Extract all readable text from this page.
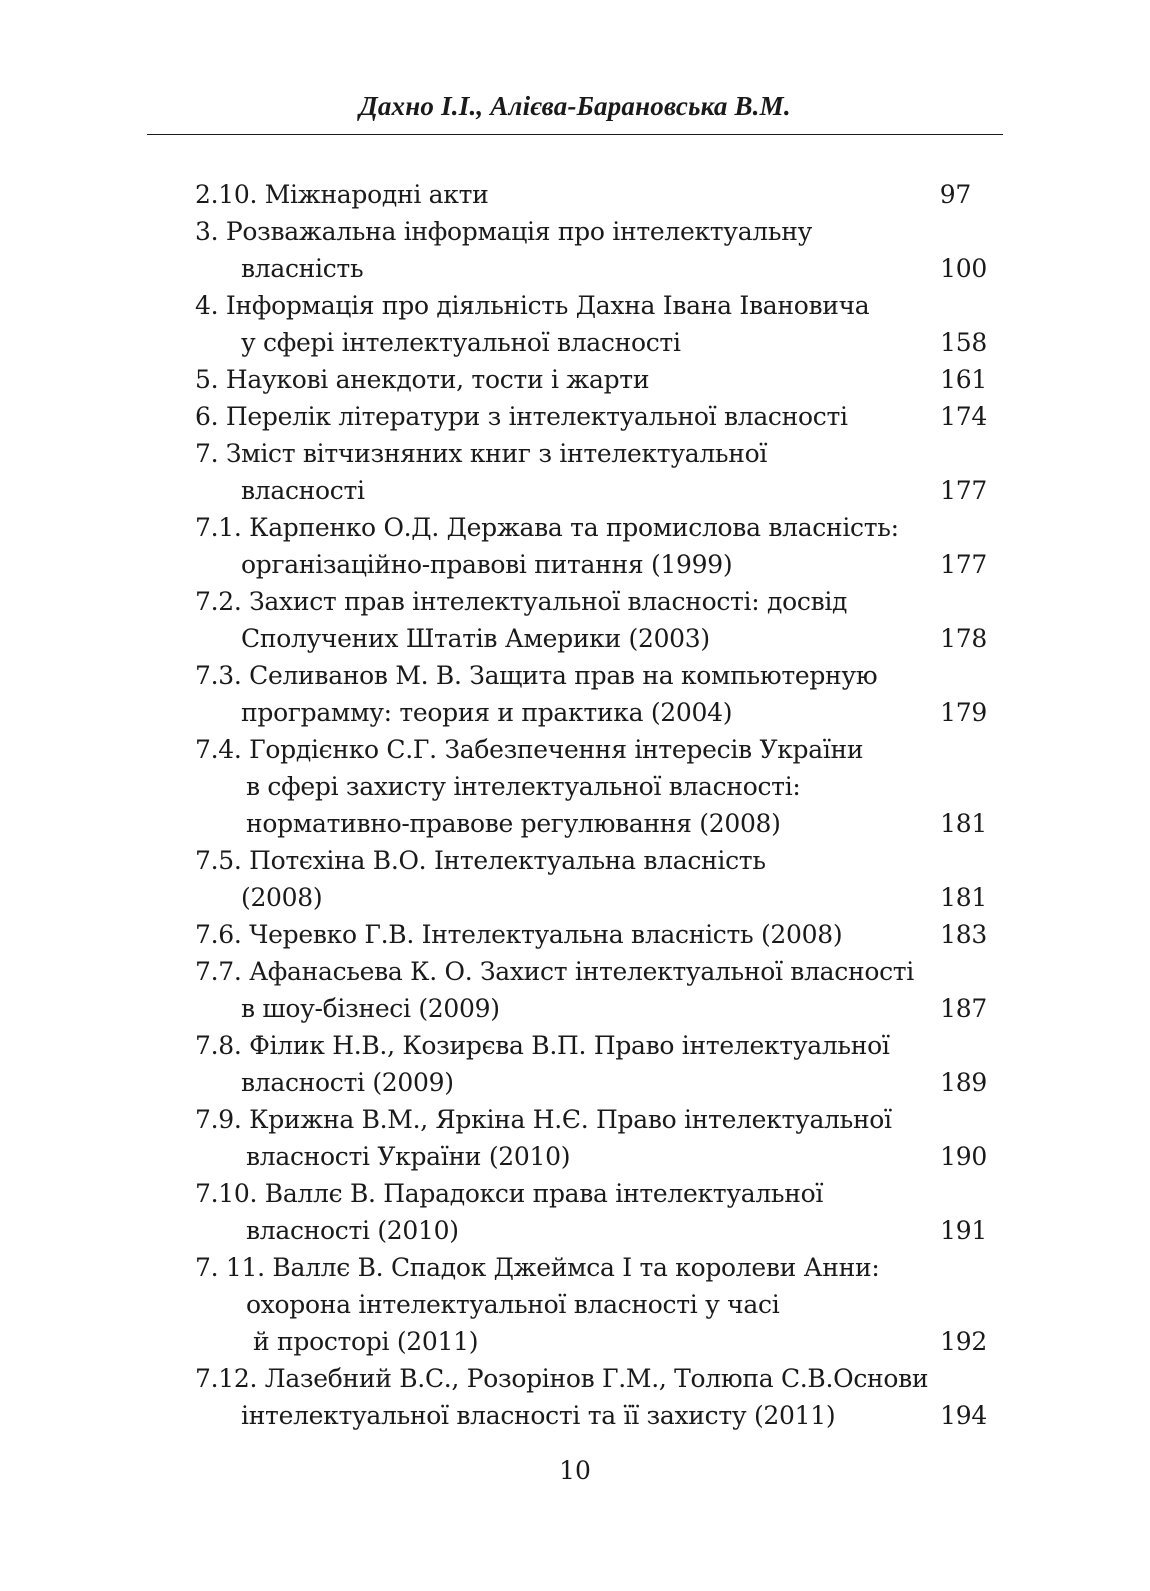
Дахно І.І., Алієва-Барановська В.М.
2.10. Міжнародні акти	97
3. Розважальна інформація про інтелектуальну
власність	100
4. Інформація про діяльність Дахна Івана Івановича
у сфері інтелектуальної власності	158
5. Наукові анекдоти, тости і жарти	161
6. Перелік літератури з інтелектуальної власності	174
7. Зміст вітчизняних книг з інтелектуальної
власності	177
7.1. Карпенко О.Д. Держава та промислова власність:
організаційно-правові питання (1999)	177
7.2. Захист прав інтелектуальної власності: досвід
Сполучених Штатів Америки (2003)	178
7.3. Селиванов М. В. Защита прав на компьютерную
программу: теория и практика (2004)	179
7.4. Гордієнко С.Г. Забезпечення інтересів України
в сфері захисту інтелектуальної власності:
нормативно-правове регулювання (2008)	181
7.5. Потєхіна В.О. Інтелектуальна власність
(2008)	181
7.6. Черевко Г.В. Інтелектуальна власність (2008)	183
7.7. Афанасьева К. О. Захист інтелектуальної власності
в шоу-бізнесі (2009)	187
7.8. Філик Н.В., Козирєва В.П. Право інтелектуальної
власності (2009)	189
7.9. Крижна В.М., Яркіна Н.Є. Право інтелектуальної
власності України (2010)	190
7.10. Валлє В. Парадокси права інтелектуальної
власності (2010)	191
7. 11. Валлє В. Спадок Джеймса І та королеви Анни:
охорона інтелектуальної власності у часі
й просторі (2011)	192
7.12. Лазебний В.С., Розорінов Г.М., Толюпа С.В.Основи
інтелектуальної власності та її захисту (2011)	194
10
